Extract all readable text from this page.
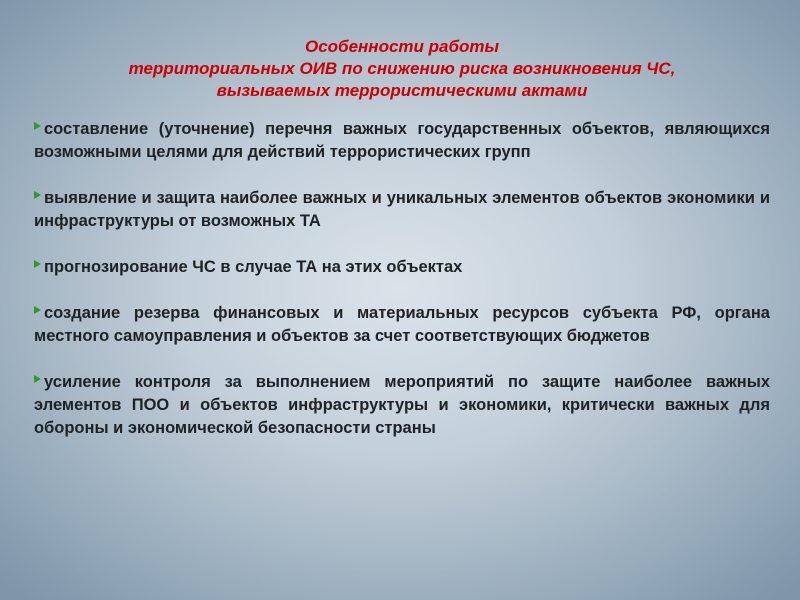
Особенности работы
территориальных ОИВ по снижению риска возникновения ЧС,
вызываемых террористическими актами
составление (уточнение) перечня важных государственных объектов, являющихся возможными целями для действий террористических групп
выявление и защита наиболее важных и уникальных элементов объектов экономики и инфраструктуры от возможных ТА
прогнозирование ЧС в случае ТА на этих объектах
создание резерва финансовых и материальных ресурсов субъекта РФ, органа местного самоуправления и объектов за счет соответствующих бюджетов
усиление контроля за выполнением мероприятий по защите наиболее важных элементов ПОО и объектов инфраструктуры и экономики, критически важных для обороны и экономической безопасности страны
